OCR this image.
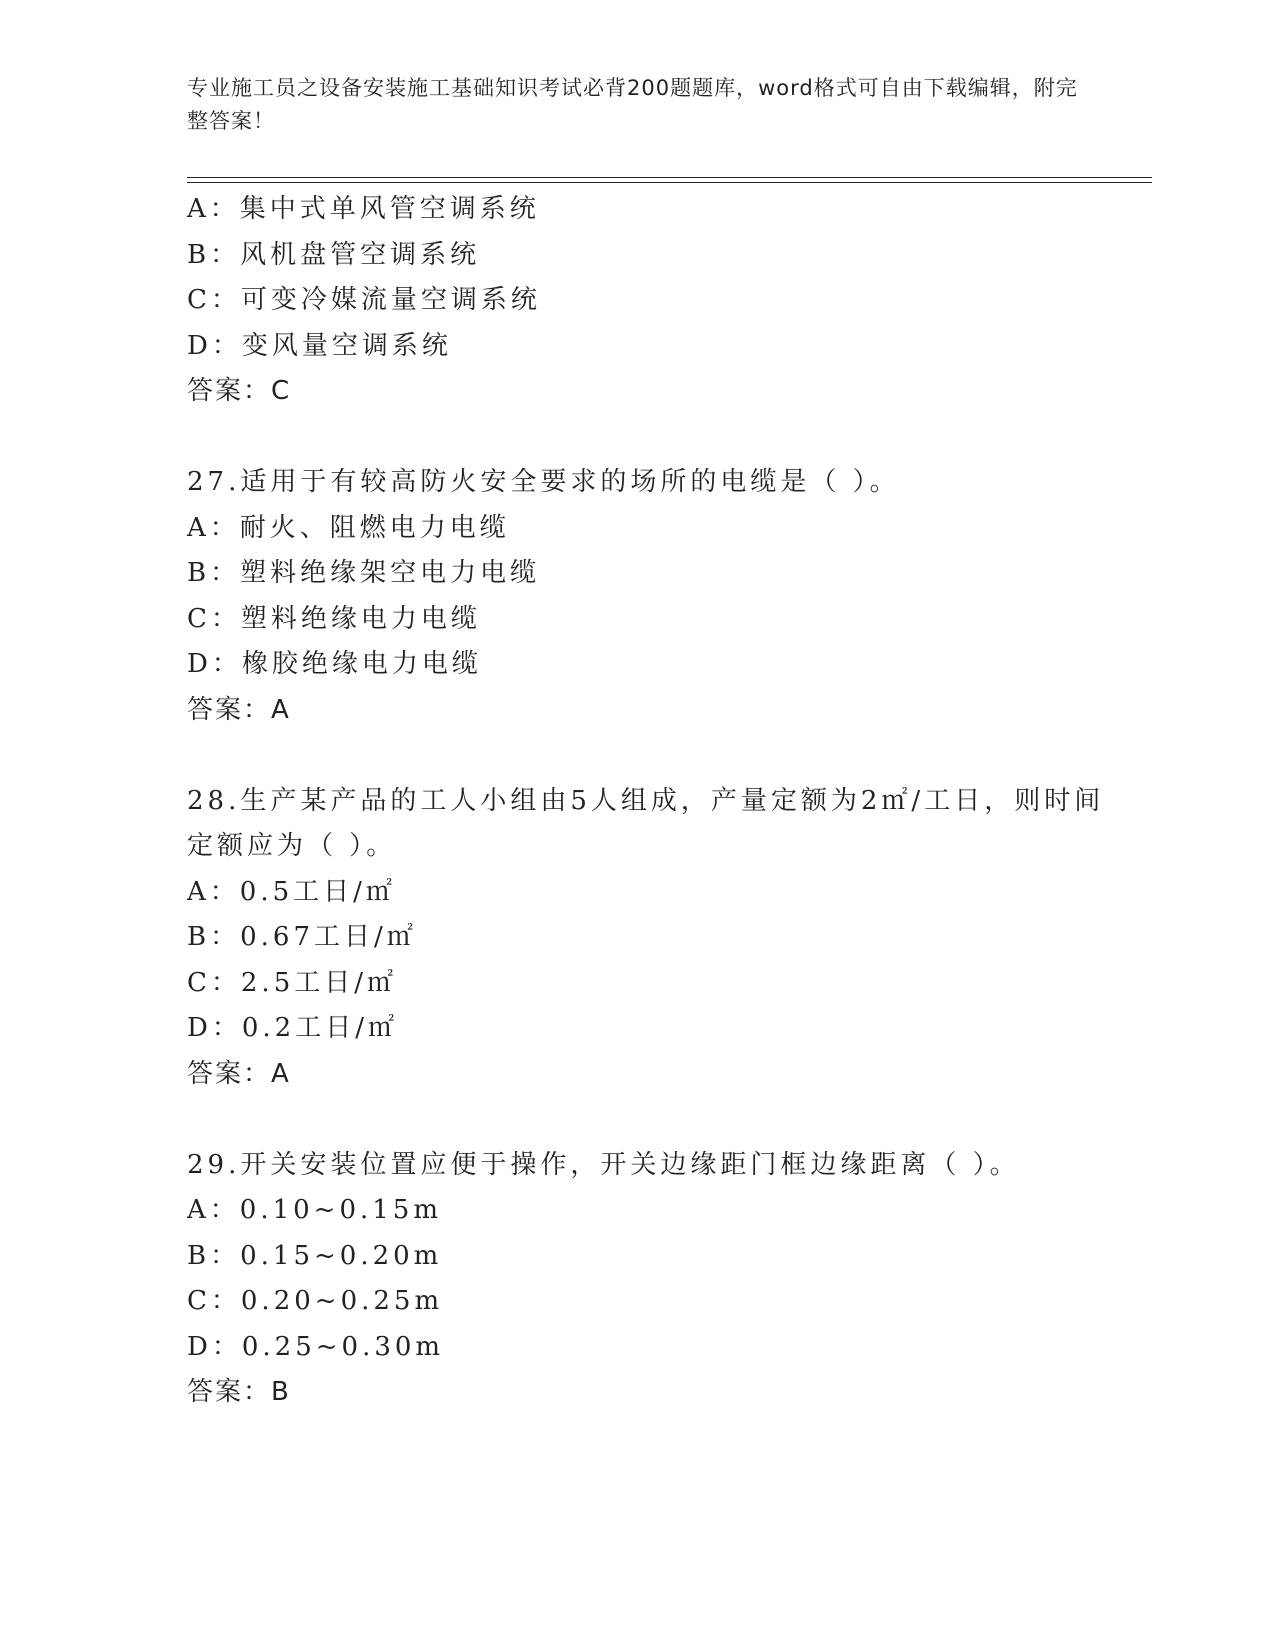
专业施工员之设备安装施工基础知识考试必背200题题库，word格式可自由下载编辑，附完整答案！
A：集中式单风管空调系统
B：风机盘管空调系统
C：可变冷媒流量空调系统
D：变风量空调系统
答案：C
27.适用于有较高防火安全要求的场所的电缆是（ ）。
A：耐火、阻燃电力电缆
B：塑料绝缘架空电力电缆
C：塑料绝缘电力电缆
D：橡胶绝缘电力电缆
答案：A
28.生产某产品的工人小组由5人组成，产量定额为2㎡/工日，则时间
定额应为（ ）。
A：0.5工日/㎡
B：0.67工日/㎡
C：2.5工日/㎡
D：0.2工日/㎡
答案：A
29.开关安装位置应便于操作，开关边缘距门框边缘距离（ ）。
A：0.10~0.15m
B：0.15~0.20m
C：0.20~0.25m
D：0.25~0.30m
答案：B
